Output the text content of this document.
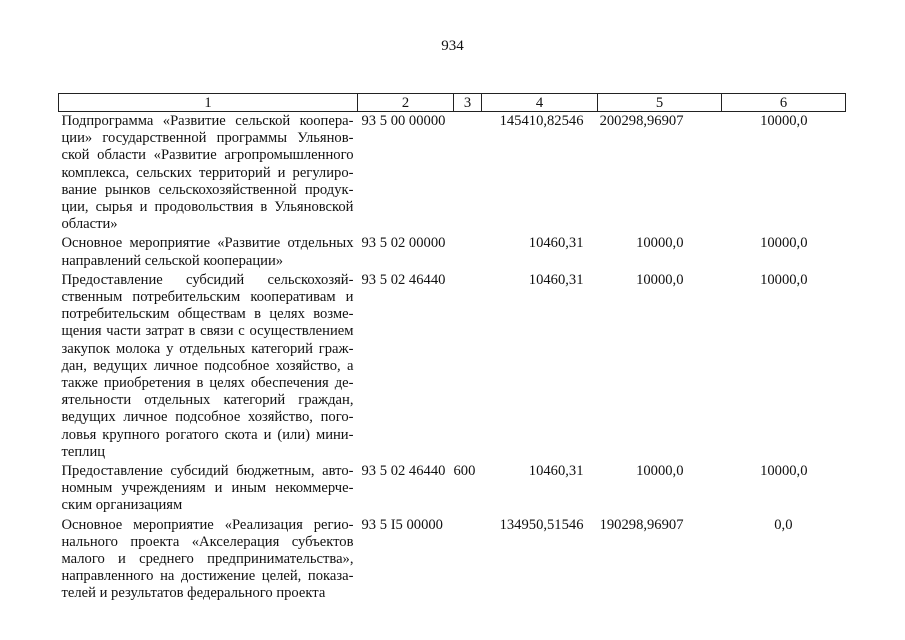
934
1	2	3	4	5	6
Подпрограмма «Развитие сельской кооперации» государственной программы Ульяновской области «Развитие агропромышленного комплекса, сельских территорий и регулирование рынков сельскохозяйственной продукции, сырья и продовольствия в Ульяновской области»	93 5 00 00000		145410,82546	200298,96907	10000,0
Основное мероприятие «Развитие отдельных направлений сельской кооперации»	93 5 02 00000		10460,31	10000,0	10000,0
Предоставление субсидий сельскохозяйственным потребительским кооперативам и потребительским обществам в целях возмещения части затрат в связи с осуществлением закупок молока у отдельных категорий граждан, ведущих личное подсобное хозяйство, а также приобретения в целях обеспечения деятельности отдельных категорий граждан, ведущих личное подсобное хозяйство, поголовья крупного рогатого скота и (или) минитеплиц	93 5 02 46440		10460,31	10000,0	10000,0
Предоставление субсидий бюджетным, автономным учреждениям и иным некоммерческим организациям	93 5 02 46440	600	10460,31	10000,0	10000,0
Основное мероприятие «Реализация регионального проекта «Акселерация субъектов малого и среднего предпринимательства», направленного на достижение целей, показателей и результатов федерального проекта	93 5 I5 00000		134950,51546	190298,96907	0,0
